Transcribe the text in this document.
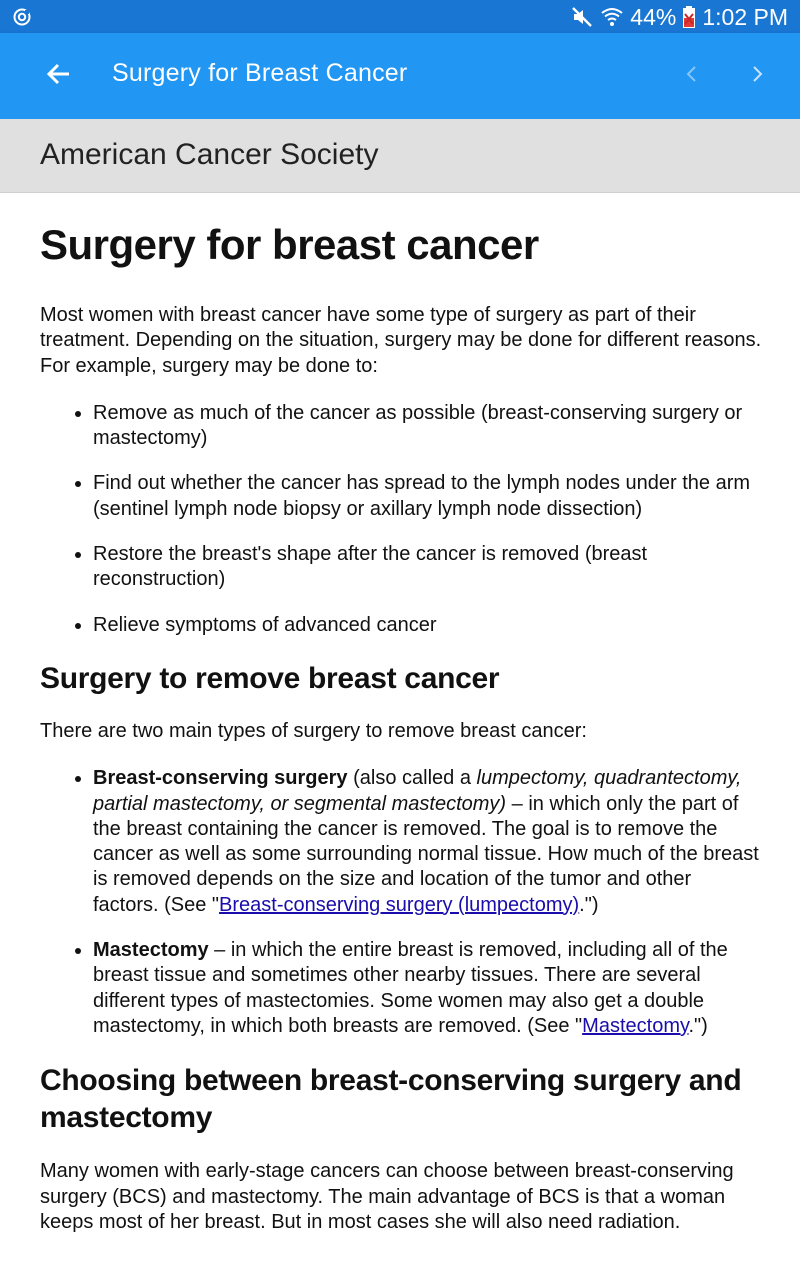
44% 1:02 PM
Surgery for Breast Cancer
American Cancer Society
Surgery for breast cancer

Most women with breast cancer have some type of surgery as part of their treatment. Depending on the situation, surgery may be done for different reasons. For example, surgery may be done to:

• Remove as much of the cancer as possible (breast-conserving surgery or mastectomy)
• Find out whether the cancer has spread to the lymph nodes under the arm (sentinel lymph node biopsy or axillary lymph node dissection)
• Restore the breast's shape after the cancer is removed (breast reconstruction)
• Relieve symptoms of advanced cancer
Surgery to remove breast cancer

There are two main types of surgery to remove breast cancer:

• Breast-conserving surgery (also called a lumpectomy, quadrantectomy, partial mastectomy, or segmental mastectomy) – in which only the part of the breast containing the cancer is removed. The goal is to remove the cancer as well as some surrounding normal tissue. How much of the breast is removed depends on the size and location of the tumor and other factors. (See "Breast-conserving surgery (lumpectomy).")
• Mastectomy – in which the entire breast is removed, including all of the breast tissue and sometimes other nearby tissues. There are several different types of mastectomies. Some women may also get a double mastectomy, in which both breasts are removed. (See "Mastectomy.")
Choosing between breast-conserving surgery and mastectomy

Many women with early-stage cancers can choose between breast-conserving surgery (BCS) and mastectomy. The main advantage of BCS is that a woman keeps most of her breast. But in most cases she will also need radiation.
